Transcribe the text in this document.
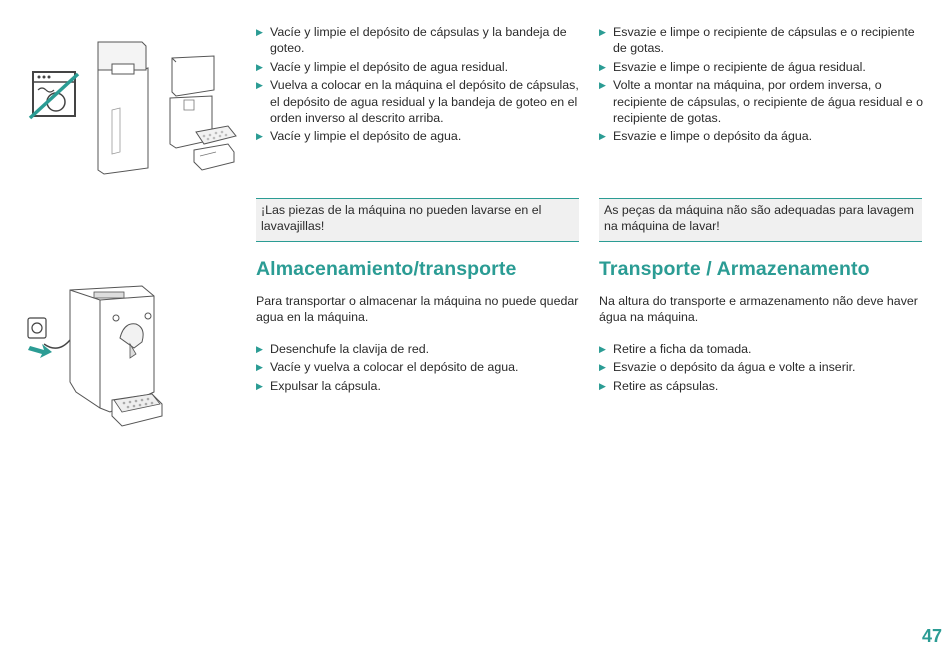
▶ Vacíe y limpie el depósito de cápsulas y la bandeja de goteo.
▶ Vacíe y limpie el depósito de agua residual.
▶ Vuelva a colocar en la máquina el depósito de cápsulas, el depósito de agua residual y la bandeja de goteo en el orden inverso al descrito arriba.
▶ Vacíe y limpie el depósito de agua.
▶ Esvazie e limpe o recipiente de cápsulas e o recipiente de gotas.
▶ Esvazie e limpe o recipiente de água residual.
▶ Volte a montar na máquina, por ordem inversa, o recipiente de cápsulas, o recipiente de água residual e o recipiente de gotas.
▶ Esvazie e limpe o depósito da água.
¡Las piezas de la máquina no pueden lavarse en el lavavajillas!
As peças da máquina não são adequadas para lavagem na máquina de lavar!
Almacenamiento/transporte	Transporte / Armazenamento

Para transportar o almacenar la máquina no puede quedar agua en la máquina.

Na altura do transporte e armazenamento não deve haver água na máquina.

▶ Desenchufe la clavija de red.
▶ Vacíe y vuelva a colocar el depósito de agua.
▶ Expulsar la cápsula.
▶ Retire a ficha da tomada.
▶ Esvazie o depósito da água e volte a inserir.
▶ Retire as cápsulas.
47
